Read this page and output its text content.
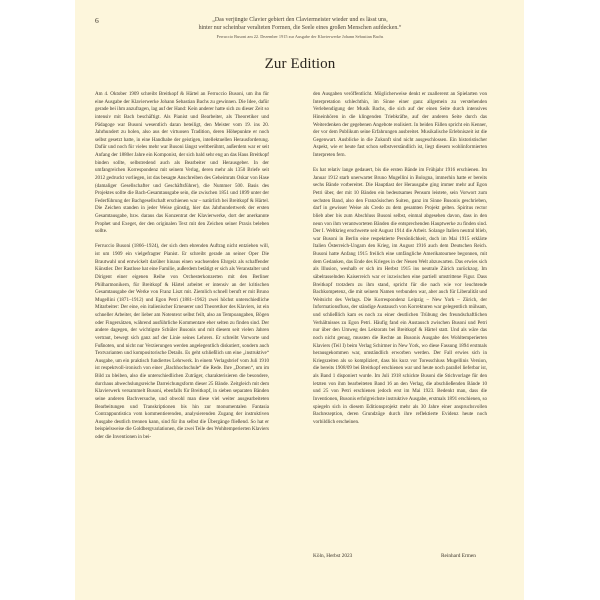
6	„Das verjüngte Clavier gebiert den Claviermeister wieder und es lässt uns,
hinter nur scheinbar veralteten Formen, die Seele eines großen Menschen aufdecken.“
Ferruccio Busoni am 22. Dezember 1915 zur Ausgabe der Klavierwerke Johann Sebastian Bachs
Zur Edition

Am 4. Oktober 1909 schreibt Breitkopf & Härtel an Ferruccio Busoni, um ihn für eine Ausgabe der Klavierwerke Johann Sebastian Bachs zu gewinnen. Die Idee, dafür gerade bei ihm anzufragen, lag auf der Hand: Kein anderer hatte sich zu dieser Zeit so intensiv mit Bach beschäftigt. Als Pianist und Bearbeiter, als Theoretiker und Pädagoge war Busoni wesentlich daran beteiligt, den Meister vom 19. ins 20. Jahrhundert zu holen, also aus der virtuosen Tradition, deren Höhepunkte er noch selbst gesetzt hatte, in eine Handhabe der geistigen, intellektuellen Herausforderung. Dafür und noch für vieles mehr war Busoni längst weltberühmt, außerdem war er seit Anfang der 1880er Jahre ein Komponist, der sich bald sehr eng an das Haus Breitkopf binden sollte, selbstredend auch als Bearbeiter und Herausgeber. In der umfangreichen Korrespondenz mit seinem Verlag, deren mehr als 1350 Briefe seit 2012 gedruckt vorliegen, ist das besagte Anschreiben des Geheimrats Oskar von Hase (damaliger Gesellschafter und Geschäftsführer), die Nummer 500. Basis des Projektes sollte die Bach-Gesamtausgabe sein, die zwischen 1851 und 1899 unter der Federführung der Bachgesellschaft erschienen war – natürlich bei Breitkopf & Härtel. Die Zeichen standen in jeder Weise günstig, hier das Jahrhundertwerk der ersten Gesamtausgabe, bzw. daraus das Konzentrat der Klavierwerke, dort der anerkannte Prophet und Exeget, der den originalen Text mit den Zeichen seiner Praxis beleben sollte.

Ferruccio Busoni (1866–1924), der sich dem ehrenden Auftrag nicht entziehen will, ist um 1909 ein vielgefragter Pianist. Er schreibt gerade an seiner Oper Die Brautwahl und entwickelt darüber hinaus einen wachsenden Ehrgeiz als schaffender Künstler. Der Rastlose hat eine Familie, außerdem betätigt er sich als Veranstalter und Dirigent einer eigenen Reihe von Orchesterkonzerten mit den Berliner Philharmonikern, für Breitkopf & Härtel arbeitet er intensiv an der kritischen Gesamtausgabe der Werke von Franz Liszt mit. Ziemlich schnell beruft er mit Bruno Mugellini (1871–1912) und Egon Petri (1881–1962) zwei höchst unterschiedliche Mitarbeiter: Der eine, ein italienischer Erneuerer und Theoretiker des Klaviers, ist ein schneller Arbeiter, der lieber am Notentext selbst feilt, also an Tempoangaben, Bögen oder Fingersätzen, während ausführliche Kommentare eher selten zu finden sind. Der andere dagegen, der wichtigste Schüler Busonis und mit diesem seit vielen Jahren vertraut, bewegt sich ganz auf der Linie seines Lehrers. Er schreibt Vorworte und Fußnoten, und nicht nur Verzierungen werden angelegentlich diskutiert, sondern auch Textvarianten und kompositorische Details. Es geht schließlich um eine „instruktive“ Ausgabe, um ein praktisch fundiertes Lehrwerk. In einem Verlagsbrief vom Juli 1910 ist respektvoll-ironisch von einer „Bachhochschule“ die Rede. Ihre „Dornen“, um im Bild zu bleiben, also die unterschiedlichen Zuträger, charakterisieren die besondere, durchaus abwechslungsreiche Darreichungsform dieser 25 Bände. Zeitgleich mit dem Klavierwerk versammelt Busoni, ebenfalls für Breitkopf, in sieben separaten Bänden seine anderen Bachversuche, und obwohl man diese viel weiter ausgearbeiteten Bearbeitungen und Transkriptionen bis hin zur monumentalen Fantasia Contrappuntistica vom kommentierenden, analysierenden Zugang der instruktiven Ausgabe deutlich trennen kann, sind für ihn selbst die Übergänge fließend. So hat er beispielsweise die Goldbergvariationen, die zwei Teile des Wohltemperierten Klaviers oder die Inventionen in bei-

den Ausgaben veröffentlicht. Möglicherweise denkt er zuallererst an Spielarten von Interpretation schlechthin, im Sinne einer ganz allgemein zu verstehenden Verlebendigung der Musik Bachs, die sich auf der einen Seite durch intensives Hineinhören in die klingenden Triebkräfte, auf der anderen Seite durch das Weiterdenken der gegebenen Angebote realisiert. In beiden Fällen spricht ein Kenner, der vor dem Publikum seine Erfahrungen ausbreitet. Musikalische Erlebniszeit ist die Gegenwart. Ausblicke in die Zukunft sind nicht ausgeschlossen. Ein historistischer Aspekt, wie er heute fast schon selbstverständlich ist, liegt diesem wohlinformierten Interpreten fern.

Es hat relativ lange gedauert, bis die ersten Bände im Frühjahr 1916 erschienen. Im Januar 1912 starb unerwartet Bruno Mugellini in Bologna, immerhin hatte er bereits sechs Bände vorbereitet. Die Hauptlast der Herausgabe ging immer mehr auf Egon Petri über, der mit 10 Bänden ein bedeutsames Pensum leistete, sein Vorwort zum sechsten Band, also den Französischen Suiten, ganz im Sinne Busonis geschrieben, darf in gewisser Weise als Credo zu dem gesamten Projekt gelten. Spiritus rector blieb aber bis zum Abschluss Busoni selbst, einmal abgesehen davon, dass in den neun von ihm verantworteten Bänden die entsprechenden Hauptwerke zu finden sind. Der I. Weltkrieg erschwerte seit August 1914 die Arbeit. Solange Italien neutral blieb, war Busoni in Berlin eine respektierte Persönlichkeit, doch im Mai 1915 erklärte Italien Österreich-Ungarn den Krieg, im August 1916 auch dem Deutschen Reich. Busoni hatte Anfang 1915 freilich eine umfängliche Amerikatournee begonnen, mit dem Gedanken, das Ende des Krieges in der Neuen Welt abzuwarten. Das erwies sich als Illusion, weshalb er sich im Herbst 1915 ins neutrale Zürich zurückzog. Im säbelrasselnden Kaiserreich war er inzwischen eine partiell umstrittene Figur. Dass Breitkopf trotzdem zu ihm stand, spricht für die nach wie vor leuchtende Bachkompetenz, die mit seinem Namen verbunden war, aber auch für Liberalität und Weitsicht des Verlags. Die Korrespondenz Leipzig – New York – Zürich, der Informationsfluss, der ständige Austausch von Korrekturen war gelegentlich mühsam, und schließlich kam es noch zu einer deutlichen Trübung des freundschaftlichen Verhältnisses zu Egon Petri. Häufig fand ein Austausch zwischen Busoni und Petri nur über den Umweg des Lektorats bei Breitkopf & Härtel statt. Und als wäre das noch nicht genug, mussten die Rechte an Busonis Ausgabe des Wohltemperierten Klaviers (Teil I) beim Verlag Schirmer in New York, wo diese Fassung 1894 erstmals herausgekommen war, umständlich erworben werden. Der Fall erwies sich in Kriegszeiten als so kompliziert, dass bis kurz vor Toresschluss Mugellinis Version, die bereits 1908/09 bei Breitkopf erschienen war und heute noch parallel lieferbar ist, als Band 1 disponiert wurde. Im Juli 1918 schickte Busoni die Stichvorlage für den letzten von ihm bearbeiteten Band 16 an den Verlag, die abschließenden Bände 10 und 25 von Petri erschienen jedoch erst im Mai 1923. Bedenkt man, dass die Inventionen, Busonis erfolgreichste instruktive Ausgabe, erstmals 1891 erschienen, so spiegeln sich in diesem Editionsprojekt mehr als 30 Jahre einer anspruchsvollen Bachrezeption, deren Grundzüge durch ihre reflektierte Evidenz heute noch vorbildlich erscheinen.

Köln, Herbst 2023	Reinhard Ermen
